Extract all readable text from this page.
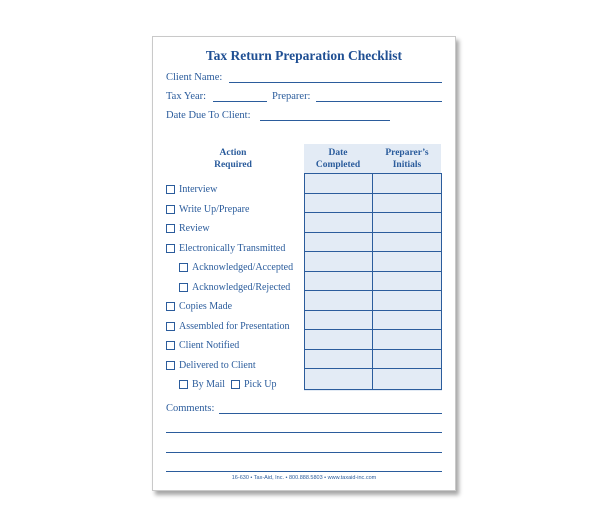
Tax Return Preparation Checklist
Client Name:
Tax Year:	Preparer:
Date Due To Client:
Action
Required
Date
Completed
Preparer’s
Initials
Interview
Write Up/Prepare
Review
Electronically Transmitted
Acknowledged/Accepted
Acknowledged/Rejected
Copies Made
Assembled for Presentation
Client Notified
Delivered to Client
By Mail Pick Up
Comments:
16-630 • Tax-Aid, Inc. • 800.888.5803 • www.taxaid-inc.com
